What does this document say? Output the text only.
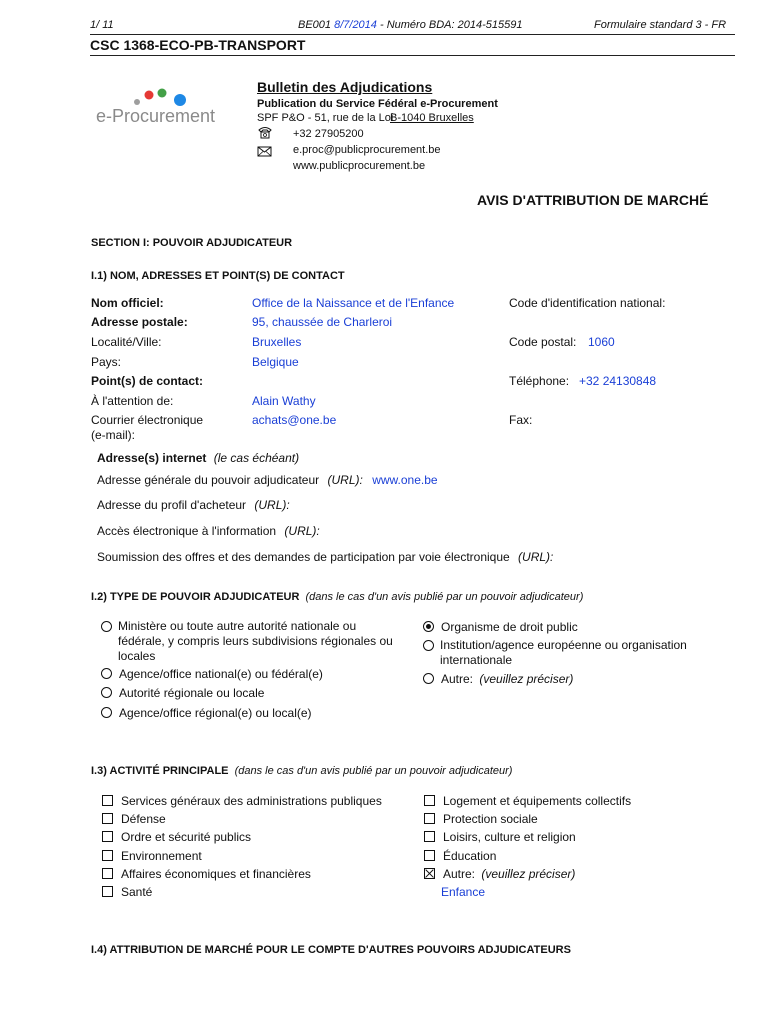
1/ 11	BE001 8/7/2014 - Numéro BDA: 2014-515591	Formulaire standard 3 - FR
CSC 1368-ECO-PB-TRANSPORT
e-Procurement
Bulletin des Adjudications
Publication du Service Fédéral e-Procurement
SPF P&O - 51, rue de la Loi
B-1040 Bruxelles
+32 27905200
e.proc@publicprocurement.be
www.publicprocurement.be
AVIS D'ATTRIBUTION DE MARCHÉ
SECTION I: POUVOIR ADJUDICATEUR
I.1) NOM, ADRESSES ET POINT(S) DE CONTACT
Nom officiel:	Office de la Naissance et de l'Enfance	Code d'identification national:
Adresse postale:	95, chaussée de Charleroi
Localité/Ville:	Bruxelles	Code postal: 1060
Pays:	Belgique
Point(s) de contact:	Téléphone: +32 24130848
À l'attention de:	Alain Wathy
Courrier électronique
(e-mail):
achats@one.be	Fax:
Adresse(s) internet (le cas échéant)
Adresse générale du pouvoir adjudicateur (URL): www.one.be
Adresse du profil d'acheteur (URL):
Accès électronique à l'information (URL):
Soumission des offres et des demandes de participation par voie électronique (URL):
I.2) TYPE DE POUVOIR ADJUDICATEUR (dans le cas d'un avis publié par un pouvoir adjudicateur)
Ministère ou toute autre autorité nationale ou fédérale, y compris leurs subdivisions régionales ou locales
Agence/office national(e) ou fédéral(e)
Autorité régionale ou locale
Agence/office régional(e) ou local(e)
Organisme de droit public
Institution/agence européenne ou organisation internationale
Autre: (veuillez préciser)
I.3) ACTIVITÉ PRINCIPALE (dans le cas d'un avis publié par un pouvoir adjudicateur)
Services généraux des administrations publiques
Défense
Ordre et sécurité publics
Environnement
Affaires économiques et financières
Santé
Logement et équipements collectifs
Protection sociale
Loisirs, culture et religion
Éducation
Autre: (veuillez préciser)
Enfance
I.4) ATTRIBUTION DE MARCHÉ POUR LE COMPTE D'AUTRES POUVOIRS ADJUDICATEURS
